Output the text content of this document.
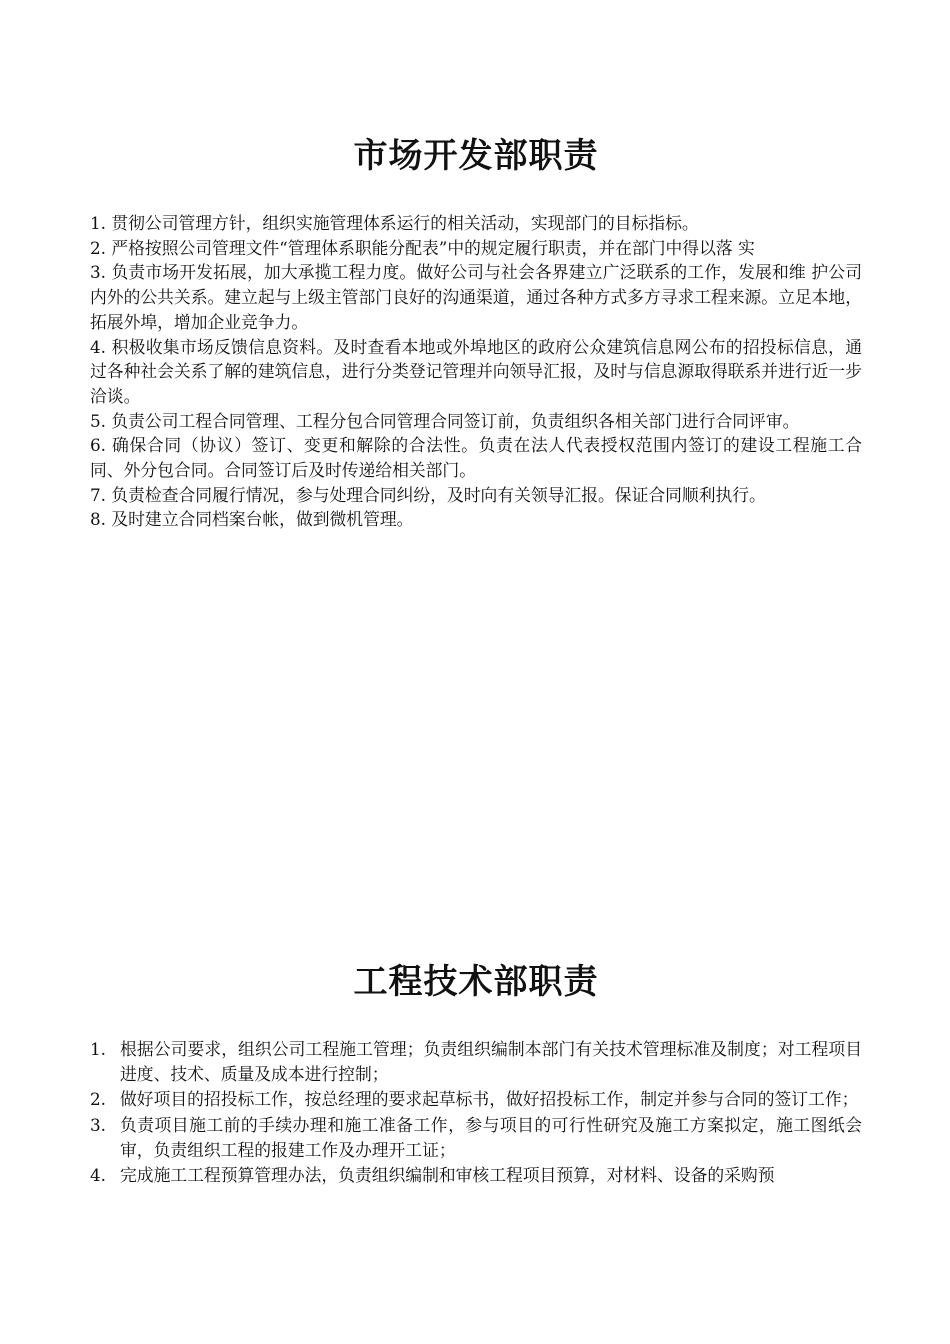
市场开发部职责

1. 贯彻公司管理方针，组织实施管理体系运行的相关活动，实现部门的目标指标。

2. 严格按照公司管理文件“管理体系职能分配表”中的规定履行职责，并在部门中得以落 实

3. 负责市场开发拓展，加大承揽工程力度。做好公司与社会各界建立广泛联系的工作，发展和维 护公司内外的公共关系。建立起与上级主管部门良好的沟通渠道，通过各种方式多方寻求工程来源。立足本地，拓展外埠，增加企业竞争力。

4. 积极收集市场反馈信息资料。及时查看本地或外埠地区的政府公众建筑信息网公布的招投标信息，通过各种社会关系了解的建筑信息，进行分类登记管理并向领导汇报，及时与信息源取得联系并进行近一步洽谈。

5. 负责公司工程合同管理、工程分包合同管理合同签订前，负责组织各相关部门进行合同评审。

6. 确保合同（协议）签订、变更和解除的合法性。负责在法人代表授权范围内签订的建设工程施工合同、外分包合同。合同签订后及时传递给相关部门。

7. 负责检查合同履行情况，参与处理合同纠纷，及时向有关领导汇报。保证合同顺利执行。

8. 及时建立合同档案台帐，做到微机管理。

工程技术部职责
1. 根据公司要求，组织公司工程施工管理；负责组织编制本部门有关技术管理标准及制度；对工程项目进度、技术、质量及成本进行控制；
2. 做好项目的招投标工作，按总经理的要求起草标书，做好招投标工作，制定并参与合同的签订工作；
3. 负责项目施工前的手续办理和施工准备工作，参与项目的可行性研究及施工方案拟定，施工图纸会审，负责组织工程的报建工作及办理开工证；
4. 完成施工工程预算管理办法，负责组织编制和审核工程项目预算，对材料、设备的采购预
